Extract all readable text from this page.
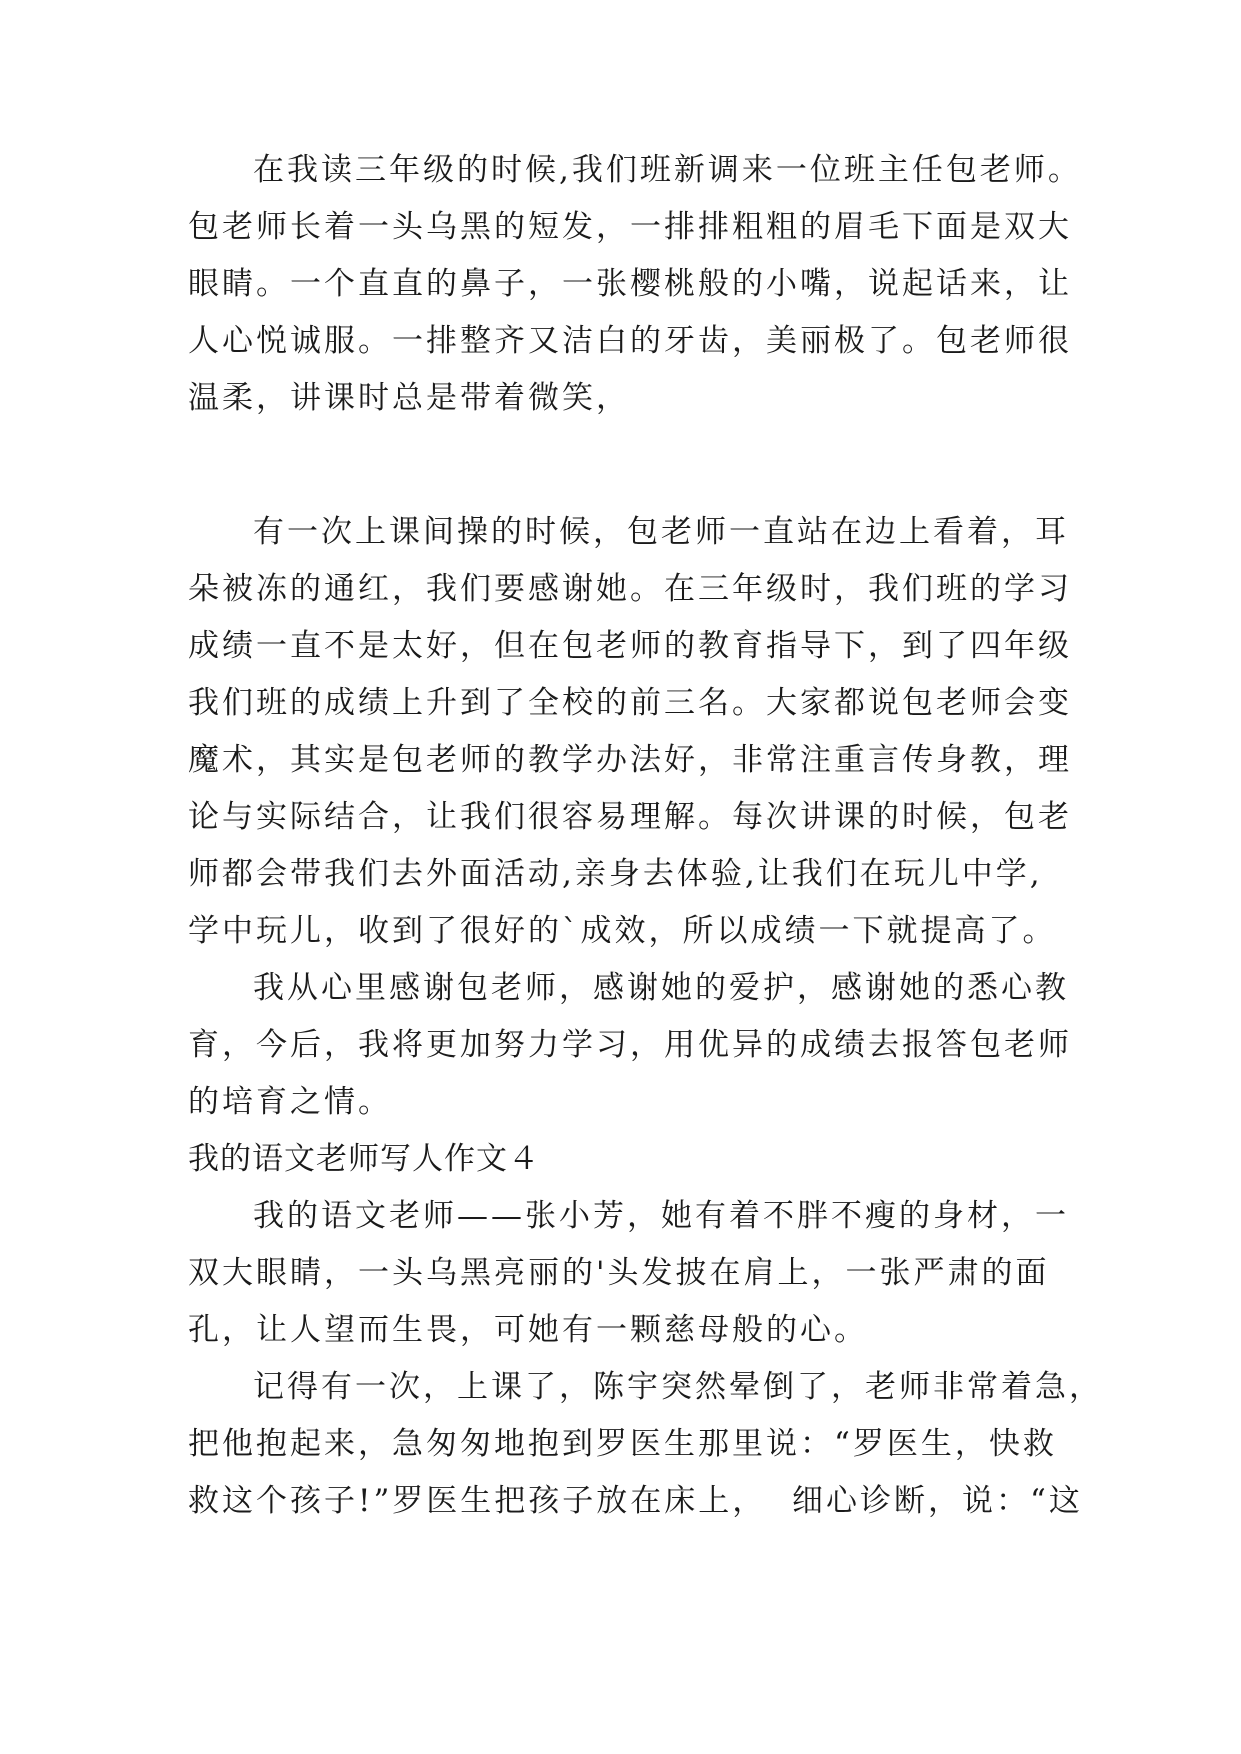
在我读三年级的时候,我们班新调来一位班主任包老师。
包老师长着一头乌黑的短发，一排排粗粗的眉毛下面是双大
眼睛。一个直直的鼻子，一张樱桃般的小嘴，说起话来，让
人心悦诚服。一排整齐又洁白的牙齿，美丽极了。包老师很
温柔，讲课时总是带着微笑，
有一次上课间操的时候，包老师一直站在边上看着，耳
朵被冻的通红，我们要感谢她。在三年级时，我们班的学习
成绩一直不是太好，但在包老师的教育指导下，到了四年级
我们班的成绩上升到了全校的前三名。大家都说包老师会变
魔术，其实是包老师的教学办法好，非常注重言传身教，理
论与实际结合，让我们很容易理解。每次讲课的时候，包老
师都会带我们去外面活动,亲身去体验,让我们在玩儿中学,
学中玩儿，收到了很好的`成效，所以成绩一下就提高了。
我从心里感谢包老师，感谢她的爱护，感谢她的悉心教
育，今后，我将更加努力学习，用优异的成绩去报答包老师
的培育之情。
我的语文老师写人作文４
我的语文老师——张小芳，她有着不胖不瘦的身材，一
双大眼睛，一头乌黑亮丽的'头发披在肩上，一张严肃的面
孔，让人望而生畏，可她有一颗慈母般的心。
记得有一次，上课了，陈宇突然晕倒了，老师非常着急，
把他抱起来，急匆匆地抱到罗医生那里说：“罗医生，快救
救这个孩子!”罗医生把孩子放在床上，  细心诊断，说：“这
